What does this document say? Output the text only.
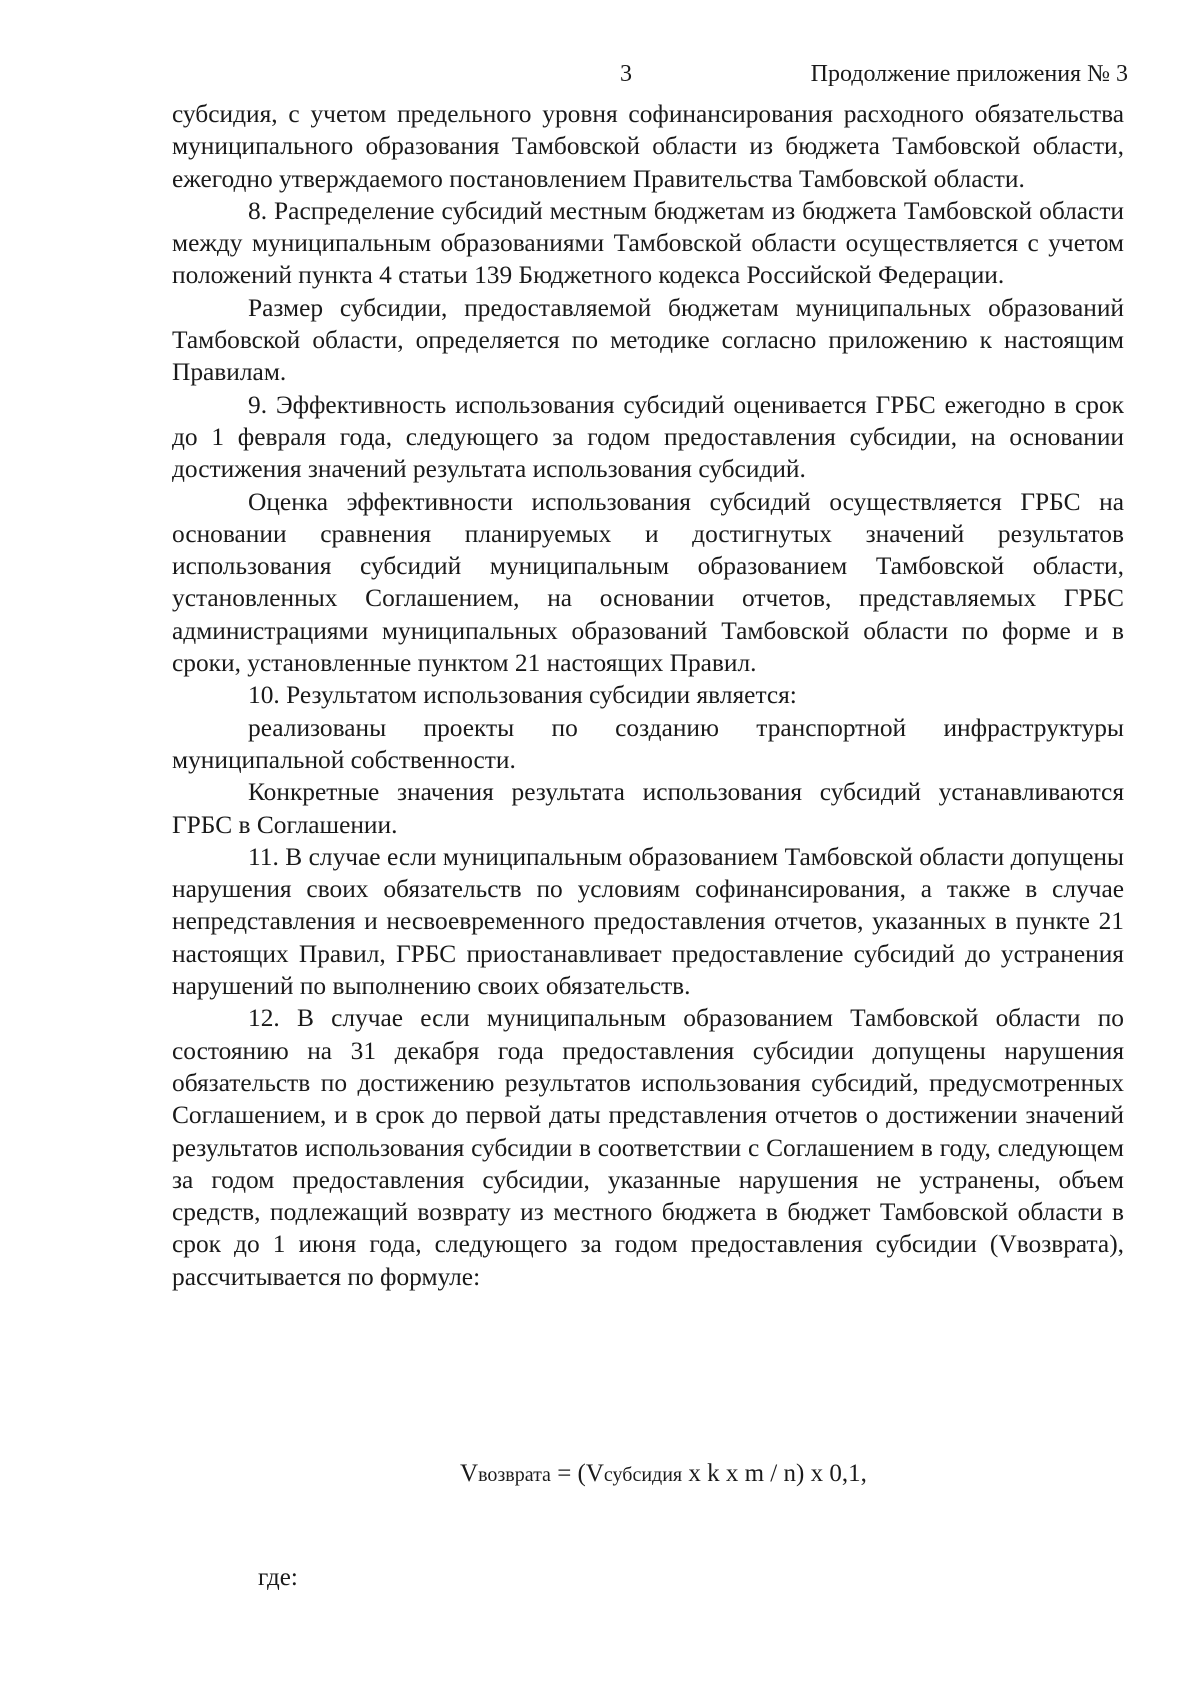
3	Продолжение приложения № 3

субсидия, с учетом предельного уровня софинансирования расходного обязательства муниципального образования Тамбовской области из бюджета Тамбовской области, ежегодно утверждаемого постановлением Правительства Тамбовской области.

8. Распределение субсидий местным бюджетам из бюджета Тамбовской области между муниципальным образованиями Тамбовской области осуществляется с учетом положений пункта 4 статьи 139 Бюджетного кодекса Российской Федерации.

Размер субсидии, предоставляемой бюджетам муниципальных образований Тамбовской области, определяется по методике согласно приложению к настоящим Правилам.

9. Эффективность использования субсидий оценивается ГРБС ежегодно в срок до 1 февраля года, следующего за годом предоставления субсидии, на основании достижения значений результата использования субсидий.

Оценка эффективности использования субсидий осуществляется ГРБС на основании сравнения планируемых и достигнутых значений результатов использования субсидий муниципальным образованием Тамбовской области, установленных Соглашением, на основании отчетов, представляемых ГРБС администрациями муниципальных образований Тамбовской области по форме и в сроки, установленные пунктом 21 настоящих Правил.

10. Результатом использования субсидии является:

реализованы проекты по созданию транспортной инфраструктуры муниципальной собственности.

Конкретные значения результата использования субсидий устанавливаются ГРБС в Соглашении.

11. В случае если муниципальным образованием Тамбовской области допущены нарушения своих обязательств по условиям софинансирования, а также в случае непредставления и несвоевременного предоставления отчетов, указанных в пункте 21 настоящих Правил, ГРБС приостанавливает предоставление субсидий до устранения нарушений по выполнению своих обязательств.

12. В случае если муниципальным образованием Тамбовской области по состоянию на 31 декабря года предоставления субсидии допущены нарушения обязательств по достижению результатов использования субсидий, предусмотренных Соглашением, и в срок до первой даты представления отчетов о достижении значений результатов использования субсидии в соответствии с Соглашением в году, следующем за годом предоставления субсидии, указанные нарушения не устранены, объем средств, подлежащий возврату из местного бюджета в бюджет Тамбовской области в срок до 1 июня года, следующего за годом предоставления субсидии (Vвозврата), рассчитывается по формуле:

Vвозврата = (Vсубсидия x k x m / n) x 0,1,
где:
